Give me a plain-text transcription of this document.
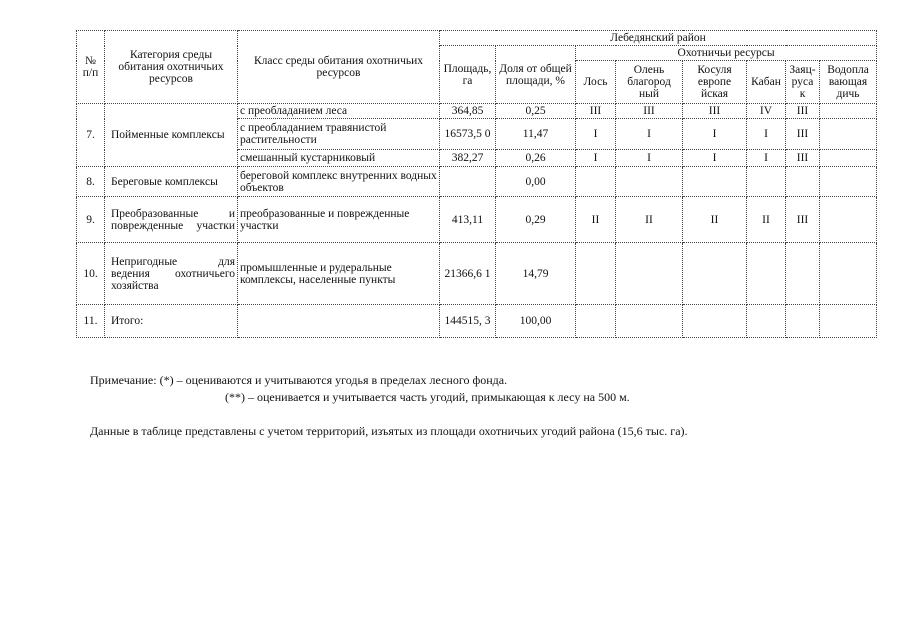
№ п/п	Категория среды обитания охотничьих ресурсов	Класс среды обитания охотничьих ресурсов	Лебедянский район							
			Площадь, га	Доля от общей площади, %	Охотничьи ресурсы					
					Лось	Олень благород ный	Косуля европе йская	Кабан	Заяц-руса к	Водопла вающая дичь
7.	Пойменные комплексы	с преобладанием леса	364,85	0,25	III	III	III	IV	III	
		с преобладанием травянистой растительности	16573,5 0	11,47	I	I	I	I	III	
		смешанный кустарниковый	382,27	0,26	I	I	I	I	III	
8.	Береговые комплексы	береговой комплекс внутренних водных объектов		0,00						
9.	Преобразованные и поврежденные участки	преобразованные и поврежденные участки	413,11	0,29	II	II	II	II	III	
10.	Непригодные для ведения охотничьего хозяйства	промышленные и рудеральные комплексы, населенные пункты	21366,6 1	14,79						
11.	Итого:		144515, 3	100,00						
Примечание: (*) – оцениваются и учитываются угодья в пределах лесного фонда.
(**) – оценивается и учитывается часть угодий, примыкающая к лесу на 500 м.
Данные в таблице представлены с учетом территорий, изъятых из площади охотничьих угодий района (15,6 тыс. га).
